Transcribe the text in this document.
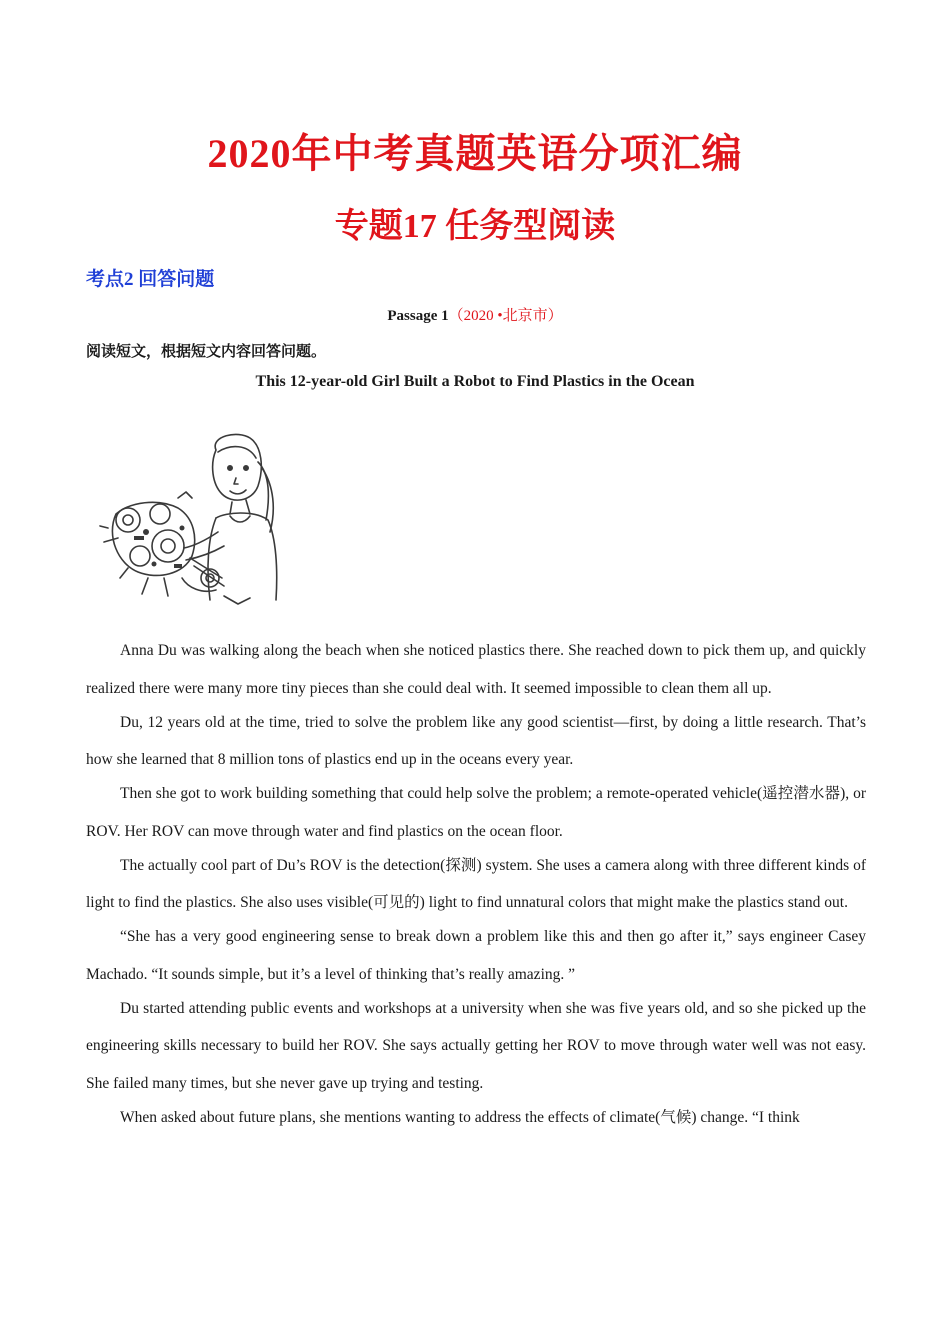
2020年中考真题英语分项汇编
专题17 任务型阅读
考点2 回答问题
Passage 1（2020 •北京市）
阅读短文，根据短文内容回答问题。
This 12-year-old Girl Built a Robot to Find Plastics in the Ocean

Anna Du was walking along the beach when she noticed plastics there. She reached down to pick them up, and quickly realized there were many more tiny pieces than she could deal with. It seemed impossible to clean them all up.

Du, 12 years old at the time, tried to solve the problem like any good scientist—first, by doing a little research. That’s how she learned that 8 million tons of plastics end up in the oceans every year.

Then she got to work building something that could help solve the problem; a remote-operated vehicle(遥控潜水器), or ROV. Her ROV can move through water and find plastics on the ocean floor.

The actually cool part of Du’s ROV is the detection(探测) system. She uses a camera along with three different kinds of light to find the plastics. She also uses visible(可见的) light to find unnatural colors that might make the plastics stand out.

“She has a very good engineering sense to break down a problem like this and then go after it,” says engineer Casey Machado. “It sounds simple, but it’s a level of thinking that’s really amazing. ”

Du started attending public events and workshops at a university when she was five years old, and so she picked up the engineering skills necessary to build her ROV. She says actually getting her ROV to move through water well was not easy. She failed many times, but she never gave up trying and testing.

When asked about future plans, she mentions wanting to address the effects of climate(气候) change. “I think
